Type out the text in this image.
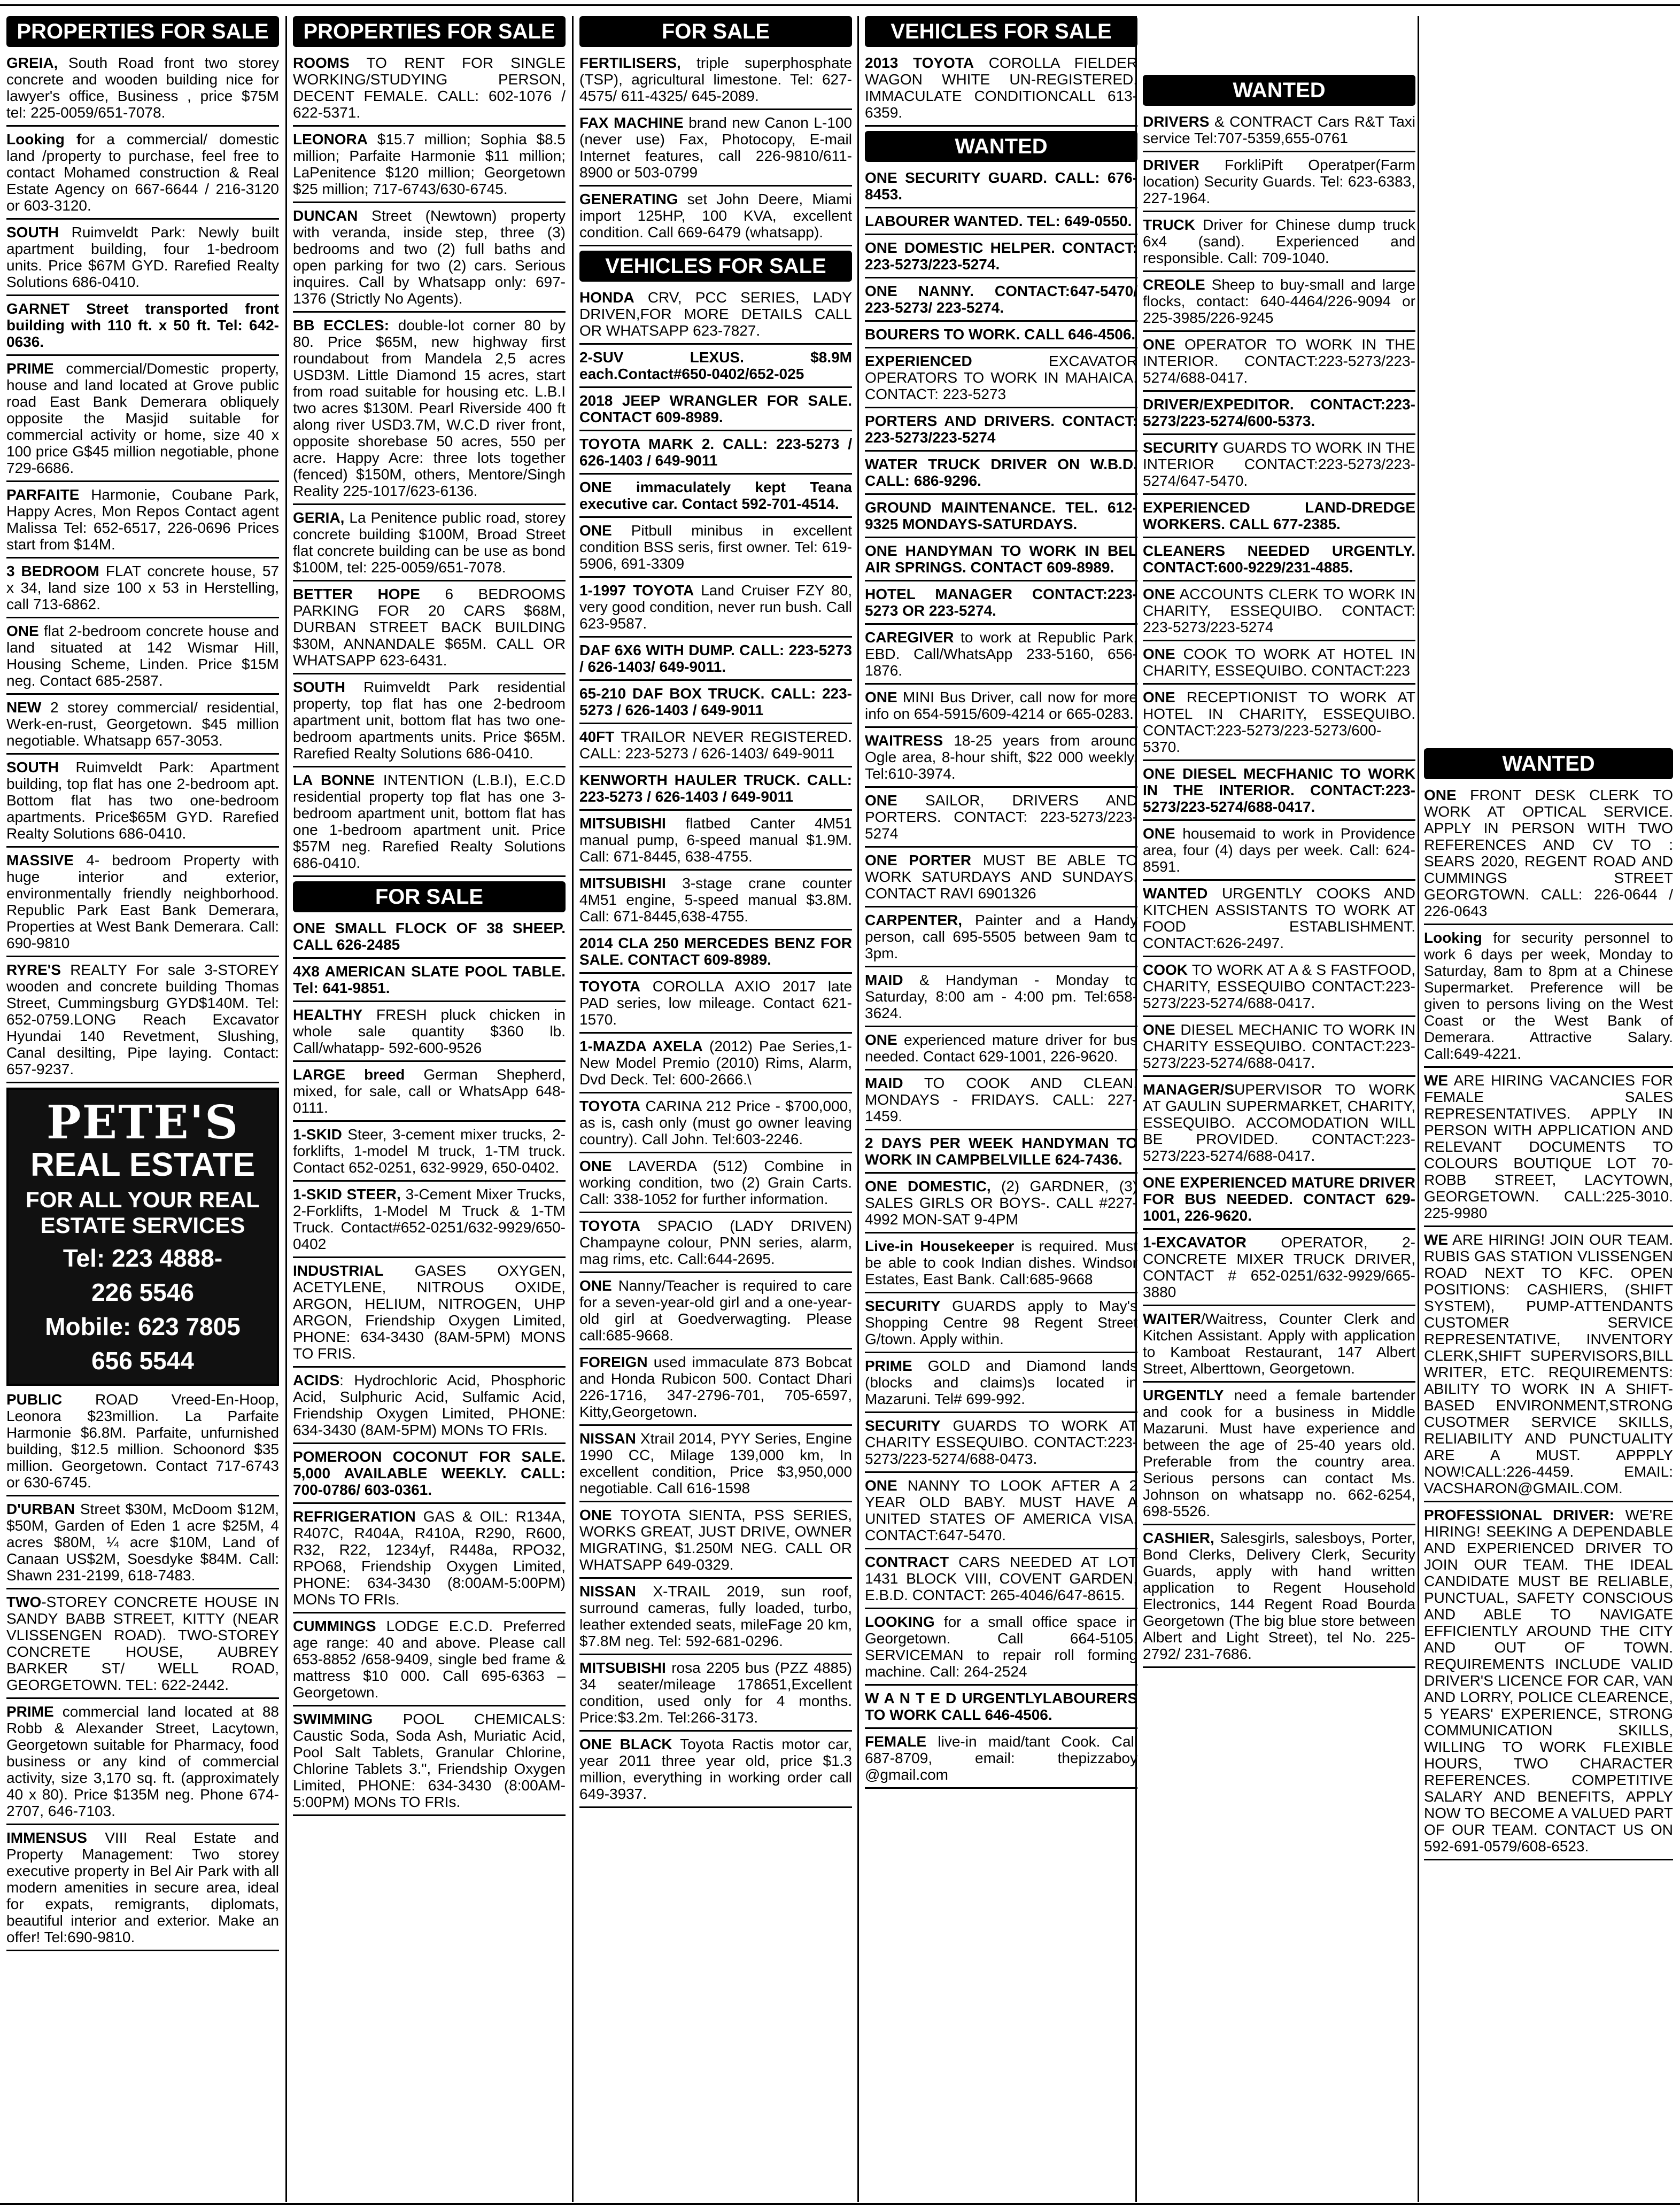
PROPERTIES FOR SALE
GREIA, South Road front two storey concrete and wooden building nice for lawyer's office, Business , price $75M tel: 225-0059/651-7078.
Looking for a commercial/ domestic land /property to purchase, feel free to contact Mohamed construction & Real Estate Agency on 667-6644 / 216-3120 or 603-3120.
SOUTH Ruimveldt Park: Newly built apartment building, four 1-bedroom units. Price $67M GYD. Rarefied Realty Solutions 686-0410.
GARNET Street transported front building with 110 ft. x 50 ft. Tel: 642-0636.
PRIME commercial/Domestic property, house and land located at Grove public road East Bank Demerara obliquely opposite the Masjid suitable for commercial activity or home, size 40 x 100 price G$45 million negotiable, phone 729-6686.
PARFAITE Harmonie, Coubane Park, Happy Acres, Mon Repos Contact agent Malissa Tel: 652-6517, 226-0696 Prices start from $14M.
3 BEDROOM FLAT concrete house, 57 x 34, land size 100 x 53 in Herstelling, call 713-6862.
ONE flat 2-bedroom concrete house and land situated at 142 Wismar Hill, Housing Scheme, Linden. Price $15M neg. Contact 685-2587.
NEW 2 storey commercial/ residential, Werk-en-rust, Georgetown. $45 million negotiable. Whatsapp 657-3053.
SOUTH Ruimveldt Park: Apartment building, top flat has one 2-bedroom apt. Bottom flat has two one-bedroom apartments. Price$65M GYD. Rarefied Realty Solutions 686-0410.
MASSIVE 4- bedroom Property with huge interior and exterior, environmentally friendly neighborhood. Republic Park East Bank Demerara, Properties at West Bank Demerara. Call: 690-9810
RYRE'S REALTY For sale 3-STOREY wooden and concrete building Thomas Street, Cummingsburg GYD$140M. Tel: 652-0759.LONG Reach Excavator Hyundai 140 Revetment, Slushing, Canal desilting, Pipe laying. Contact: 657-9237.
PETE'S
REAL ESTATE
FOR ALL YOUR REAL ESTATE SERVICES
Tel: 223 4888-
226 5546
Mobile: 623 7805
656 5544
PUBLIC ROAD Vreed-En-Hoop, Leonora $23million. La Parfaite Harmonie $6.8M. Parfaite, unfurnished building, $12.5 million. Schoonord $35 million. Georgetown. Contact 717-6743 or 630-6745.
D'URBAN Street $30M, McDoom $12M, $50M, Garden of Eden 1 acre $25M, 4 acres $80M, ¼ acre $10M, Land of Canaan US$2M, Soesdyke $84M. Call: Shawn 231-2199, 618-7483.
TWO-STOREY CONCRETE HOUSE IN SANDY BABB STREET, KITTY (NEAR VLISSENGEN ROAD). TWO-STOREY CONCRETE HOUSE, AUBREY BARKER ST/ WELL ROAD, GEORGETOWN. TEL: 622-2442.
PRIME commercial land located at 88 Robb & Alexander Street, Lacytown, Georgetown suitable for Pharmacy, food business or any kind of commercial activity, size 3,170 sq. ft. (approximately 40 x 80). Price $135M neg. Phone 674-2707, 646-7103.
IMMENSUS VIII Real Estate and Property Management: Two storey executive property in Bel Air Park with all modern amenities in secure area, ideal for expats, remigrants, diplomats, beautiful interior and exterior. Make an offer! Tel:690-9810.
PROPERTIES FOR SALE
ROOMS TO RENT FOR SINGLE WORKING/STUDYING PERSON, DECENT FEMALE. CALL: 602-1076 / 622-5371.
LEONORA $15.7 million; Sophia $8.5 million; Parfaite Harmonie $11 million; LaPenitence $120 million; Georgetown $25 million; 717-6743/630-6745.
DUNCAN Street (Newtown) property with veranda, inside step, three (3) bedrooms and two (2) full baths and open parking for two (2) cars. Serious inquires. Call by Whatsapp only: 697-1376 (Strictly No Agents).
BB ECCLES: double-lot corner 80 by 80. Price $65M, new highway first roundabout from Mandela 2,5 acres USD3M. Little Diamond 15 acres, start from road suitable for housing etc. L.B.I two acres $130M. Pearl Riverside 400 ft along river USD3.7M, W.C.D river front, opposite shorebase 50 acres, 550 per acre. Happy Acre: three lots together (fenced) $150M, others, Mentore/Singh Reality 225-1017/623-6136.
GERIA, La Penitence public road, storey concrete building $100M, Broad Street flat concrete building can be use as bond $100M, tel: 225-0059/651-7078.
BETTER HOPE 6 BEDROOMS PARKING FOR 20 CARS $68M, DURBAN STREET BACK BUILDING $30M, ANNANDALE $65M. CALL OR WHATSAPP 623-6431.
SOUTH Ruimveldt Park residential property, top flat has one 2-bedroom apartment unit, bottom flat has two one-bedroom apartments units. Price $65M. Rarefied Realty Solutions 686-0410.
LA BONNE INTENTION (L.B.I), E.C.D residential property top flat has one 3-bedroom apartment unit, bottom flat has one 1-bedroom apartment unit. Price $57M neg. Rarefied Realty Solutions 686-0410.
FOR SALE
ONE SMALL FLOCK OF 38 SHEEP. CALL 626-2485
4X8 AMERICAN SLATE POOL TABLE. Tel: 641-9851.
HEALTHY FRESH pluck chicken in whole sale quantity $360 lb. Call/whatapp- 592-600-9526
LARGE breed German Shepherd, mixed, for sale, call or WhatsApp 648-0111.
1-SKID Steer, 3-cement mixer trucks, 2-forklifts, 1-model M truck, 1-TM truck. Contact 652-0251, 632-9929, 650-0402.
1-SKID STEER, 3-Cement Mixer Trucks, 2-Forklifts, 1-Model M Truck & 1-TM Truck. Contact#652-0251/632-9929/650-0402
INDUSTRIAL GASES OXYGEN, ACETYLENE, NITROUS OXIDE, ARGON, HELIUM, NITROGEN, UHP ARGON, Friendship Oxygen Limited, PHONE: 634-3430 (8AM-5PM) MONS TO FRIS.
ACIDS: Hydrochloric Acid, Phosphoric Acid, Sulphuric Acid, Sulfamic Acid, Friendship Oxygen Limited, PHONE: 634-3430 (8AM-5PM) MONs TO FRIs.
POMEROON COCONUT FOR SALE. 5,000 AVAILABLE WEEKLY. CALL: 700-0786/ 603-0361.
REFRIGERATION GAS & OIL: R134A, R407C, R404A, R410A, R290, R600, R32, R22, 1234yf, R448a, RPO32, RPO68, Friendship Oxygen Limited, PHONE: 634-3430 (8:00AM-5:00PM) MONs TO FRIs.
CUMMINGS LODGE E.C.D. Preferred age range: 40 and above. Please call 653-8852 /658-9409, single bed frame & mattress $10 000. Call 695-6363 – Georgetown.
SWIMMING POOL CHEMICALS: Caustic Soda, Soda Ash, Muriatic Acid, Pool Salt Tablets, Granular Chlorine, Chlorine Tablets 3.", Friendship Oxygen Limited, PHONE: 634-3430 (8:00AM-5:00PM) MONs TO FRIs.
FOR SALE
FERTILISERS, triple superphosphate (TSP), agricultural limestone. Tel: 627-4575/ 611-4325/ 645-2089.
FAX MACHINE brand new Canon L-100 (never use) Fax, Photocopy, E-mail Internet features, call 226-9810/611-8900 or 503-0799
GENERATING set John Deere, Miami import 125HP, 100 KVA, excellent condition. Call 669-6479 (whatsapp).
VEHICLES FOR SALE
HONDA CRV, PCC SERIES, LADY DRIVEN,FOR MORE DETAILS CALL OR WHATSAPP 623-7827.
2-SUV LEXUS. $8.9M each.Contact#650-0402/652-025
2018 JEEP WRANGLER FOR SALE. CONTACT 609-8989.
TOYOTA MARK 2. CALL: 223-5273 / 626-1403 / 649-9011
ONE immaculately kept Teana executive car. Contact 592-701-4514.
ONE Pitbull minibus in excellent condition BSS seris, first owner. Tel: 619-5906, 691-3309
1-1997 TOYOTA Land Cruiser FZY 80, very good condition, never run bush. Call 623-9587.
DAF 6X6 WITH DUMP. CALL: 223-5273 / 626-1403/ 649-9011.
65-210 DAF BOX TRUCK. CALL: 223-5273 / 626-1403 / 649-9011
40FT TRAILOR NEVER REGISTERED. CALL: 223-5273 / 626-1403/ 649-9011
KENWORTH HAULER TRUCK. CALL: 223-5273 / 626-1403 / 649-9011
MITSUBISHI flatbed Canter 4M51 manual pump, 6-speed manual $1.9M. Call: 671-8445, 638-4755.
MITSUBISHI 3-stage crane counter 4M51 engine, 5-speed manual $3.8M. Call: 671-8445,638-4755.
2014 CLA 250 MERCEDES BENZ FOR SALE. CONTACT 609-8989.
TOYOTA COROLLA AXIO 2017 late PAD series, low mileage. Contact 621-1570.
1-MAZDA AXELA (2012) Pae Series,1- New Model Premio (2010) Rims, Alarm, Dvd Deck. Tel: 600-2666.\
TOYOTA CARINA 212 Price - $700,000, as is, cash only (must go owner leaving country). Call John. Tel:603-2246.
ONE LAVERDA (512) Combine in working condition, two (2) Grain Carts. Call: 338-1052 for further information.
TOYOTA SPACIO (LADY DRIVEN) Champayne colour, PNN series, alarm, mag rims, etc. Call:644-2695.
ONE Nanny/Teacher is required to care for a seven-year-old girl and a one-year-old girl at Goedverwagting. Please call:685-9668.
FOREIGN used immaculate 873 Bobcat and Honda Rubicon 500. Contact Dhari 226-1716, 347-2796-701, 705-6597, Kitty,Georgetown.
NISSAN Xtrail 2014, PYY Series, Engine 1990 CC, Milage 139,000 km, In excellent condition, Price $3,950,000 negotiable. Call 616-1598
ONE TOYOTA SIENTA, PSS SERIES, WORKS GREAT, JUST DRIVE, OWNER MIGRATING, $1.250M NEG. CALL OR WHATSAPP 649-0329.
NISSAN X-TRAIL 2019, sun roof, surround cameras, fully loaded, turbo, leather extended seats, mileFage 20 km, $7.8M neg. Tel: 592-681-0296.
MITSUBISHI rosa 2205 bus (PZZ 4885) 34 seater/mileage 178651,Excellent condition, used only for 4 months. Price:$3.2m. Tel:266-3173.
ONE BLACK Toyota Ractis motor car, year 2011 three year old, price $1.3 million, everything in working order call 649-3937.
VEHICLES FOR SALE
2013 TOYOTA COROLLA FIELDER WAGON WHITE UN-REGISTERED. IMMACULATE CONDITIONCALL 613-6359.
WANTED
ONE SECURITY GUARD. CALL: 676-8453.
LABOURER WANTED. TEL: 649-0550.
ONE DOMESTIC HELPER. CONTACT: 223-5273/223-5274.
ONE NANNY. CONTACT:647-5470/ 223-5273/ 223-5274.
BOURERS TO WORK. CALL 646-4506.
EXPERIENCED EXCAVATOR OPERATORS TO WORK IN MAHAICA. CONTACT: 223-5273
PORTERS AND DRIVERS. CONTACT: 223-5273/223-5274
WATER TRUCK DRIVER ON W.B.D. CALL: 686-9296.
GROUND MAINTENANCE. TEL. 612-9325 MONDAYS-SATURDAYS.
ONE HANDYMAN TO WORK IN BEL AIR SPRINGS. CONTACT 609-8989.
HOTEL MANAGER CONTACT:223-5273 OR 223-5274.
CAREGIVER to work at Republic Park, EBD. Call/WhatsApp 233-5160, 656-1876.
ONE MINI Bus Driver, call now for more info on 654-5915/609-4214 or 665-0283.
WAITRESS 18-25 years from around Ogle area, 8-hour shift, $22 000 weekly. Tel:610-3974.
ONE SAILOR, DRIVERS AND PORTERS. CONTACT: 223-5273/223-5274
ONE PORTER MUST BE ABLE TO WORK SATURDAYS AND SUNDAYS. CONTACT RAVI 6901326
CARPENTER, Painter and a Handy person, call 695-5505 between 9am to 3pm.
MAID & Handyman - Monday to Saturday, 8:00 am - 4:00 pm. Tel:658-3624.
ONE experienced mature driver for bus needed. Contact 629-1001, 226-9620.
MAID TO COOK AND CLEAN, MONDAYS - FRIDAYS. CALL: 227-1459.
2 DAYS PER WEEK HANDYMAN TO WORK IN CAMPBELVILLE 624-7436.
ONE DOMESTIC, (2) GARDNER, (3) SALES GIRLS OR BOYS-. CALL #227-4992 MON-SAT 9-4PM
Live-in Housekeeper is required. Must be able to cook Indian dishes. Windsor Estates, East Bank. Call:685-9668
SECURITY GUARDS apply to May's Shopping Centre 98 Regent Street G/town. Apply within.
PRIME GOLD and Diamond lands (blocks and claims)s located in Mazaruni. Tel# 699-992.
SECURITY GUARDS TO WORK AT CHARITY ESSEQUIBO. CONTACT:223-5273/223-5274/688-0473.
ONE NANNY TO LOOK AFTER A 2 YEAR OLD BABY. MUST HAVE A UNITED STATES OF AMERICA VISA. CONTACT:647-5470.
CONTRACT CARS NEEDED AT LOT 1431 BLOCK VIII, COVENT GARDEN, E.B.D. CONTACT: 265-4046/647-8615.
LOOKING for a small office space in Georgetown. Call 664-5105. SERVICEMAN to repair roll forming machine. Call: 264-2524
W A N T E D URGENTLYLABOURERS TO WORK CALL 646-4506.
FEMALE live-in maid/tant Cook. Call 687-8709, email: thepizzaboy @gmail.com
WANTED
DRIVERS & CONTRACT Cars R&T Taxi service Tel:707-5359,655-0761
DRIVER ForkliPift Operatper(Farm location) Security Guards. Tel: 623-6383, 227-1964.
TRUCK Driver for Chinese dump truck 6x4 (sand). Experienced and responsible. Call: 709-1040.
CREOLE Sheep to buy-small and large flocks, contact: 640-4464/226-9094 or 225-3985/226-9245
ONE OPERATOR TO WORK IN THE INTERIOR. CONTACT:223-5273/223-5274/688-0417.
DRIVER/EXPEDITOR. CONTACT:223-5273/223-5274/600-5373.
SECURITY GUARDS TO WORK IN THE INTERIOR CONTACT:223-5273/223-5274/647-5470.
EXPERIENCED LAND-DREDGE WORKERS. CALL 677-2385.
CLEANERS NEEDED URGENTLY. CONTACT:600-9229/231-4885.
ONE ACCOUNTS CLERK TO WORK IN CHARITY, ESSEQUIBO. CONTACT: 223-5273/223-5274
ONE COOK TO WORK AT HOTEL IN CHARITY, ESSEQUIBO. CONTACT:223
ONE RECEPTIONIST TO WORK AT HOTEL IN CHARITY, ESSEQUIBO. CONTACT:223-5273/223-5273/600-5370.
ONE DIESEL MECFHANIC TO WORK IN THE INTERIOR. CONTACT:223-5273/223-5274/688-0417.
ONE housemaid to work in Providence area, four (4) days per week. Call: 624-8591.
WANTED URGENTLY COOKS AND KITCHEN ASSISTANTS TO WORK AT FOOD ESTABLISHMENT. CONTACT:626-2497.
COOK TO WORK AT A & S FASTFOOD, CHARITY, ESSEQUIBO CONTACT:223-5273/223-5274/688-0417.
ONE DIESEL MECHANIC TO WORK IN CHARITY ESSEQUIBO. CONTACT:223-5273/223-5274/688-0417.
MANAGER/SUPERVISOR TO WORK AT GAULIN SUPERMARKET, CHARITY, ESSEQUIBO. ACCOMODATION WILL BE PROVIDED. CONTACT:223-5273/223-5274/688-0417.
ONE EXPERIENCED MATURE DRIVER FOR BUS NEEDED. CONTACT 629-1001, 226-9620.
1-EXCAVATOR OPERATOR, 2- CONCRETE MIXER TRUCK DRIVER, CONTACT # 652-0251/632-9929/665-3880
WAITER/Waitress, Counter Clerk and Kitchen Assistant. Apply with application to Kamboat Restaurant, 147 Albert Street, Alberttown, Georgetown.
URGENTLY need a female bartender and cook for a business in Middle Mazaruni. Must have experience and between the age of 25-40 years old. Preferable from the country area. Serious persons can contact Ms. Johnson on whatsapp no. 662-6254, 698-5526.
CASHIER, Salesgirls, salesboys, Porter, Bond Clerks, Delivery Clerk, Security Guards, apply with hand written application to Regent Household Electronics, 144 Regent Road Bourda Georgetown (The big blue store between Albert and Light Street), tel No. 225-2792/ 231-7686.
WANTED
ONE FRONT DESK CLERK TO WORK AT OPTICAL SERVICE. APPLY IN PERSON WITH TWO REFERENCES AND CV TO : SEARS 2020, REGENT ROAD AND CUMMINGS STREET GEORGTOWN. CALL: 226-0644 / 226-0643
Looking for security personnel to work 6 days per week, Monday to Saturday, 8am to 8pm at a Chinese Supermarket. Preference will be given to persons living on the West Coast or the West Bank of Demerara. Attractive Salary. Call:649-4221.
WE ARE HIRING VACANCIES FOR FEMALE SALES REPRESENTATIVES. APPLY IN PERSON WITH APPLICATION AND RELEVANT DOCUMENTS TO COLOURS BOUTIQUE LOT 70-ROBB STREET, LACYTOWN, GEORGETOWN. CALL:225-3010. 225-9980
WE ARE HIRING! JOIN OUR TEAM. RUBIS GAS STATION VLISSENGEN ROAD NEXT TO KFC. OPEN POSITIONS: CASHIERS, (SHIFT SYSTEM), PUMP-ATTENDANTS CUSTOMER SERVICE REPRESENTATIVE, INVENTORY CLERK,SHIFT SUPERVISORS,BILL WRITER, ETC. REQUIREMENTS: ABILITY TO WORK IN A SHIFT-BASED ENVIRONMENT,STRONG CUSOTMER SERVICE SKILLS, RELIABILITY AND PUNCTUALITY ARE A MUST. APPPLY NOW!CALL:226-4459. EMAIL: VACSHARON@GMAIL.COM.
PROFESSIONAL DRIVER: WE'RE HIRING! SEEKING A DEPENDABLE AND EXPERIENCED DRIVER TO JOIN OUR TEAM. THE IDEAL CANDIDATE MUST BE RELIABLE, PUNCTUAL, SAFETY CONSCIOUS AND ABLE TO NAVIGATE EFFICIENTLY AROUND THE CITY AND OUT OF TOWN. REQUIREMENTS INCLUDE VALID DRIVER'S LICENCE FOR CAR, VAN AND LORRY, POLICE CLEARENCE, 5 YEARS' EXPERIENCE, STRONG COMMUNICATION SKILLS, WILLING TO WORK FLEXIBLE HOURS, TWO CHARACTER REFERENCES. COMPETITIVE SALARY AND BENEFITS, APPLY NOW TO BECOME A VALUED PART OF OUR TEAM. CONTACT US ON 592-691-0579/608-6523.
